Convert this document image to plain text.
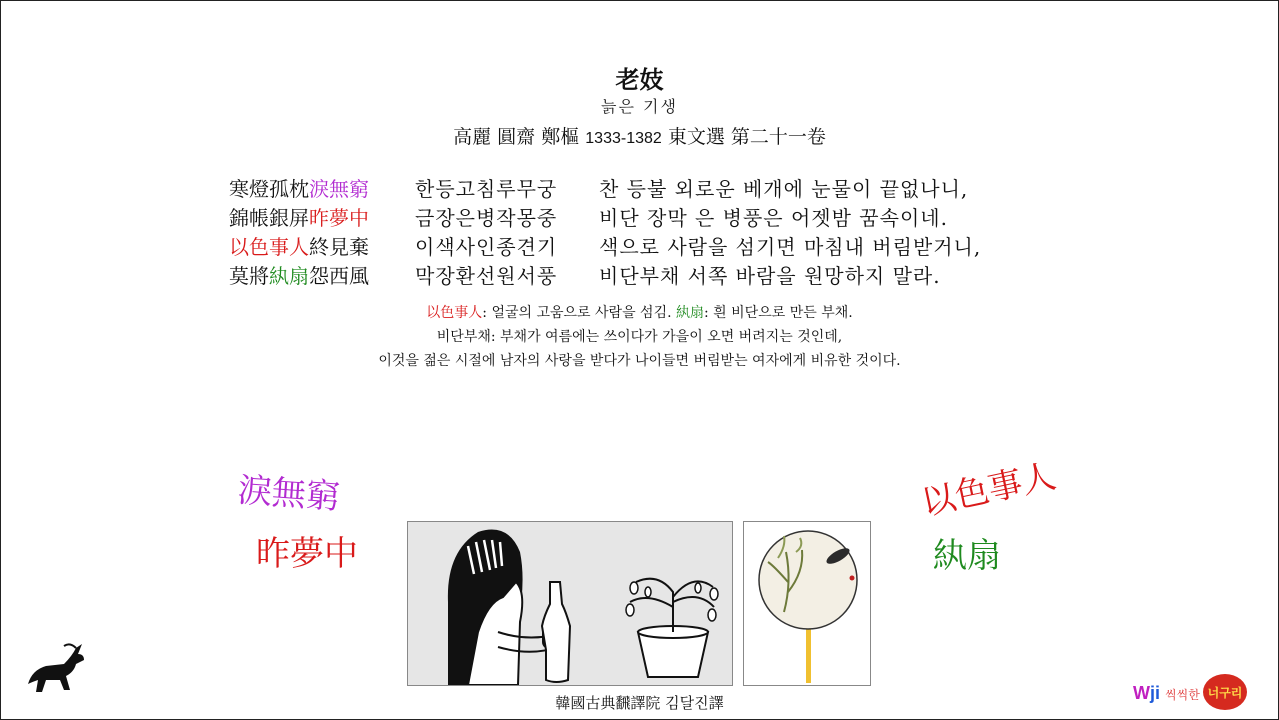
老妓
늙은 기생
高麗 圓齋 鄭樞 1333-1382 東文選 第二十一卷
寒燈孤枕淚無窮	한등고침루무궁	찬 등불 외로운 베개에 눈물이 끝없나니,
錦帳銀屏昨夢中	금장은병작몽중	비단 장막 은 병풍은 어젯밤 꿈속이네.
以色事人終見棄	이색사인종견기	색으로 사람을 섬기면 마침내 버림받거니,
莫將紈扇怨西風	막장환선원서풍	비단부채 서쪽 바람을 원망하지 말라.
以色事人: 얼굴의 고움으로 사람을 섬김. 紈扇: 흰 비단으로 만든 부채.
비단부채: 부채가 여름에는 쓰이다가 가을이 오면 버려지는 것인데,
이것을 젊은 시절에 남자의 사랑을 받다가 나이들면 버림받는 여자에게 비유한 것이다.
淚無窮
昨夢中
以色事人
紈扇
韓國古典飜譯院 김달진譯	Wji 씩씩한 너구리
